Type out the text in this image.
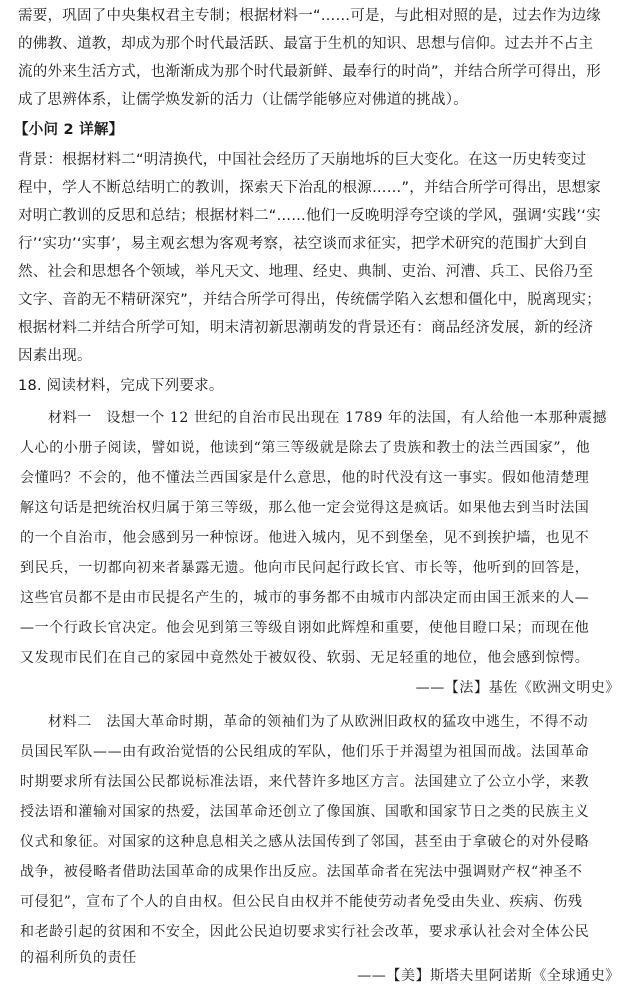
需要，巩固了中央集权君主专制；根据材料一“……可是，与此相对照的是，过去作为边缘
的佛教、道教，却成为那个时代最活跃、最富于生机的知识、思想与信仰。过去并不占主
流的外来生活方式，也渐渐成为那个时代最新鲜、最奉行的时尚”，并结合所学可得出，形
成了思辨体系，让儒学焕发新的活力（让儒学能够应对佛道的挑战）。
【小问 2 详解】
背景：根据材料二“明清换代，中国社会经历了天崩地坼的巨大变化。在这一历史转变过
程中，学人不断总结明亡的教训，探索天下治乱的根源……”，并结合所学可得出，思想家
对明亡教训的反思和总结；根据材料二“……他们一反晚明浮夸空谈的学风，强调‘实践’‘实
行’‘实功’‘实事’，易主观玄想为客观考察，祛空谈而求征实，把学术研究的范围扩大到自
然、社会和思想各个领域，举凡天文、地理、经史、典制、吏治、河漕、兵工、民俗乃至
文字、音韵无不精研深究”，并结合所学可得出，传统儒学陷入玄想和僵化中，脱离现实；
根据材料二并结合所学可知，明末清初新思潮萌发的背景还有：商品经济发展，新的经济
因素出现。
18. 阅读材料，完成下列要求。
材料一　设想一个 12 世纪的自治市民出现在 1789 年的法国，有人给他一本那种震撼
人心的小册子阅读，譬如说，他读到“第三等级就是除去了贵族和教士的法兰西国家”，他
会懂吗？不会的，他不懂法兰西国家是什么意思，他的时代没有这一事实。假如他清楚理
解这句话是把统治权归属于第三等级，那么他一定会觉得这是疯话。如果他去到当时法国
的一个自治市，他会感到另一种惊讶。他进入城内，见不到堡垒，见不到挨护墙，也见不
到民兵，一切都向初来者暴露无遗。他向市民问起行政长官、市长等，他听到的回答是，
这些官员都不是由市民提名产生的，城市的事务都不由城市内部决定而由国王派来的人—
—一个行政长官决定。他会见到第三等级自诩如此辉煌和重要，使他目瞪口呆；而现在他
又发现市民们在自己的家园中竟然处于被奴役、软弱、无足轻重的地位，他会感到惊愕。
——【法】基佐《欧洲文明史》
材料二　法国大革命时期，革命的领袖们为了从欧洲旧政权的猛攻中逃生，不得不动
员国民军队——由有政治觉悟的公民组成的军队，他们乐于并渴望为祖国而战。法国革命
时期要求所有法国公民都说标准法语，来代替许多地区方言。法国建立了公立小学，来教
授法语和灌输对国家的热爱，法国革命还创立了像国旗、国歌和国家节日之类的民族主义
仪式和象征。对国家的这种息息相关之感从法国传到了邻国，甚至由于拿破仑的对外侵略
战争，被侵略者借助法国革命的成果作出反应。法国革命者在宪法中强调财产权“神圣不
可侵犯”，宣布了个人的自由权。但公民自由权并不能使劳动者免受由失业、疾病、伤残
和老龄引起的贫困和不安全，因此公民迫切要求实行社会改革，要求承认社会对全体公民
的福利所负的责任
——【美】斯塔夫里阿诺斯《全球通史》
